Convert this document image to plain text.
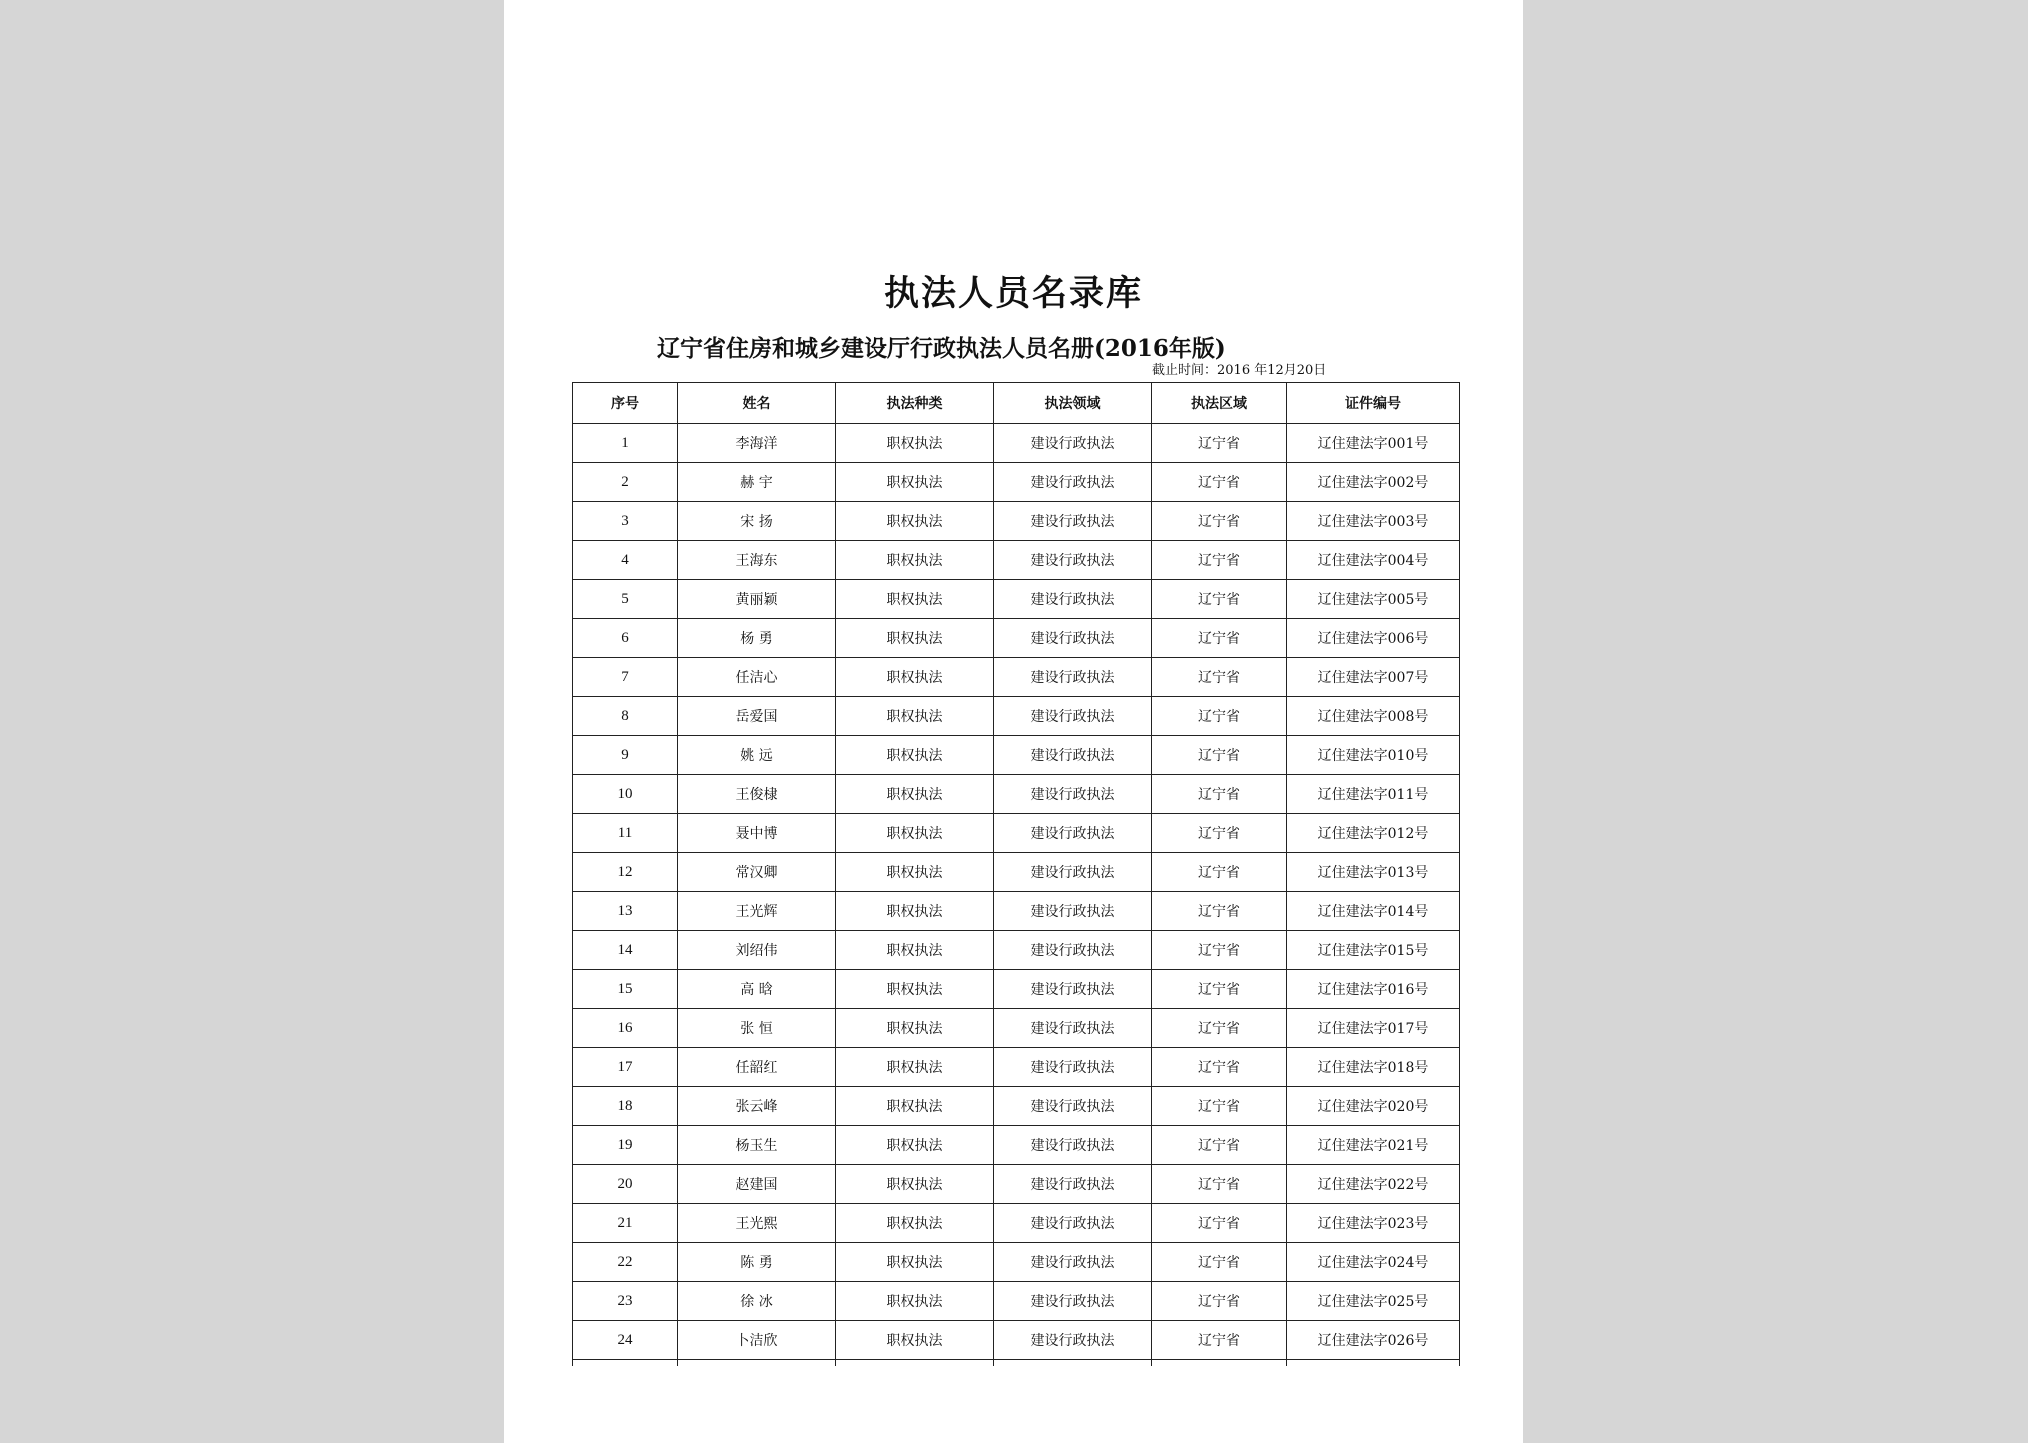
执法人员名录库
辽宁省住房和城乡建设厅行政执法人员名册(2016年版)
截止时间：2016 年12月20日
序号	姓名	执法种类	执法领域	执法区域	证件编号
1	李海洋	职权执法	建设行政执法	辽宁省	辽住建法字001号
2	赫 宇	职权执法	建设行政执法	辽宁省	辽住建法字002号
3	宋 扬	职权执法	建设行政执法	辽宁省	辽住建法字003号
4	王海东	职权执法	建设行政执法	辽宁省	辽住建法字004号
5	黄丽颖	职权执法	建设行政执法	辽宁省	辽住建法字005号
6	杨 勇	职权执法	建设行政执法	辽宁省	辽住建法字006号
7	任洁心	职权执法	建设行政执法	辽宁省	辽住建法字007号
8	岳爱国	职权执法	建设行政执法	辽宁省	辽住建法字008号
9	姚 远	职权执法	建设行政执法	辽宁省	辽住建法字010号
10	王俊棣	职权执法	建设行政执法	辽宁省	辽住建法字011号
11	聂中博	职权执法	建设行政执法	辽宁省	辽住建法字012号
12	常汉卿	职权执法	建设行政执法	辽宁省	辽住建法字013号
13	王光辉	职权执法	建设行政执法	辽宁省	辽住建法字014号
14	刘绍伟	职权执法	建设行政执法	辽宁省	辽住建法字015号
15	高 晗	职权执法	建设行政执法	辽宁省	辽住建法字016号
16	张 恒	职权执法	建设行政执法	辽宁省	辽住建法字017号
17	任韶红	职权执法	建设行政执法	辽宁省	辽住建法字018号
18	张云峰	职权执法	建设行政执法	辽宁省	辽住建法字020号
19	杨玉生	职权执法	建设行政执法	辽宁省	辽住建法字021号
20	赵建国	职权执法	建设行政执法	辽宁省	辽住建法字022号
21	王光熙	职权执法	建设行政执法	辽宁省	辽住建法字023号
22	陈 勇	职权执法	建设行政执法	辽宁省	辽住建法字024号
23	徐 冰	职权执法	建设行政执法	辽宁省	辽住建法字025号
24	卜洁欣	职权执法	建设行政执法	辽宁省	辽住建法字026号
